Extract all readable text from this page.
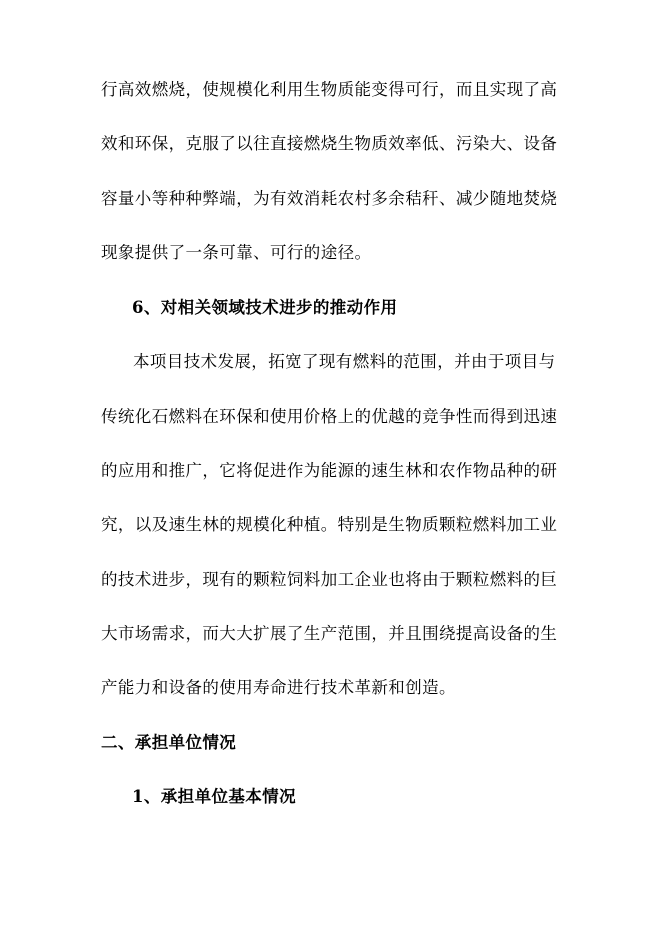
行高效燃烧，使规模化利用生物质能变得可行，而且实现了高
效和环保，克服了以往直接燃烧生物质效率低、污染大、设备
容量小等种种弊端，为有效消耗农村多余秸秆、减少随地焚烧
现象提供了一条可靠、可行的途径。
6、对相关领域技术进步的推动作用
本项目技术发展，拓宽了现有燃料的范围，并由于项目与
传统化石燃料在环保和使用价格上的优越的竞争性而得到迅速
的应用和推广，它将促进作为能源的速生林和农作物品种的研
究，以及速生林的规模化种植。特别是生物质颗粒燃料加工业
的技术进步，现有的颗粒饲料加工企业也将由于颗粒燃料的巨
大市场需求，而大大扩展了生产范围，并且围绕提高设备的生
产能力和设备的使用寿命进行技术革新和创造。
二、承担单位情况
1、承担单位基本情况
